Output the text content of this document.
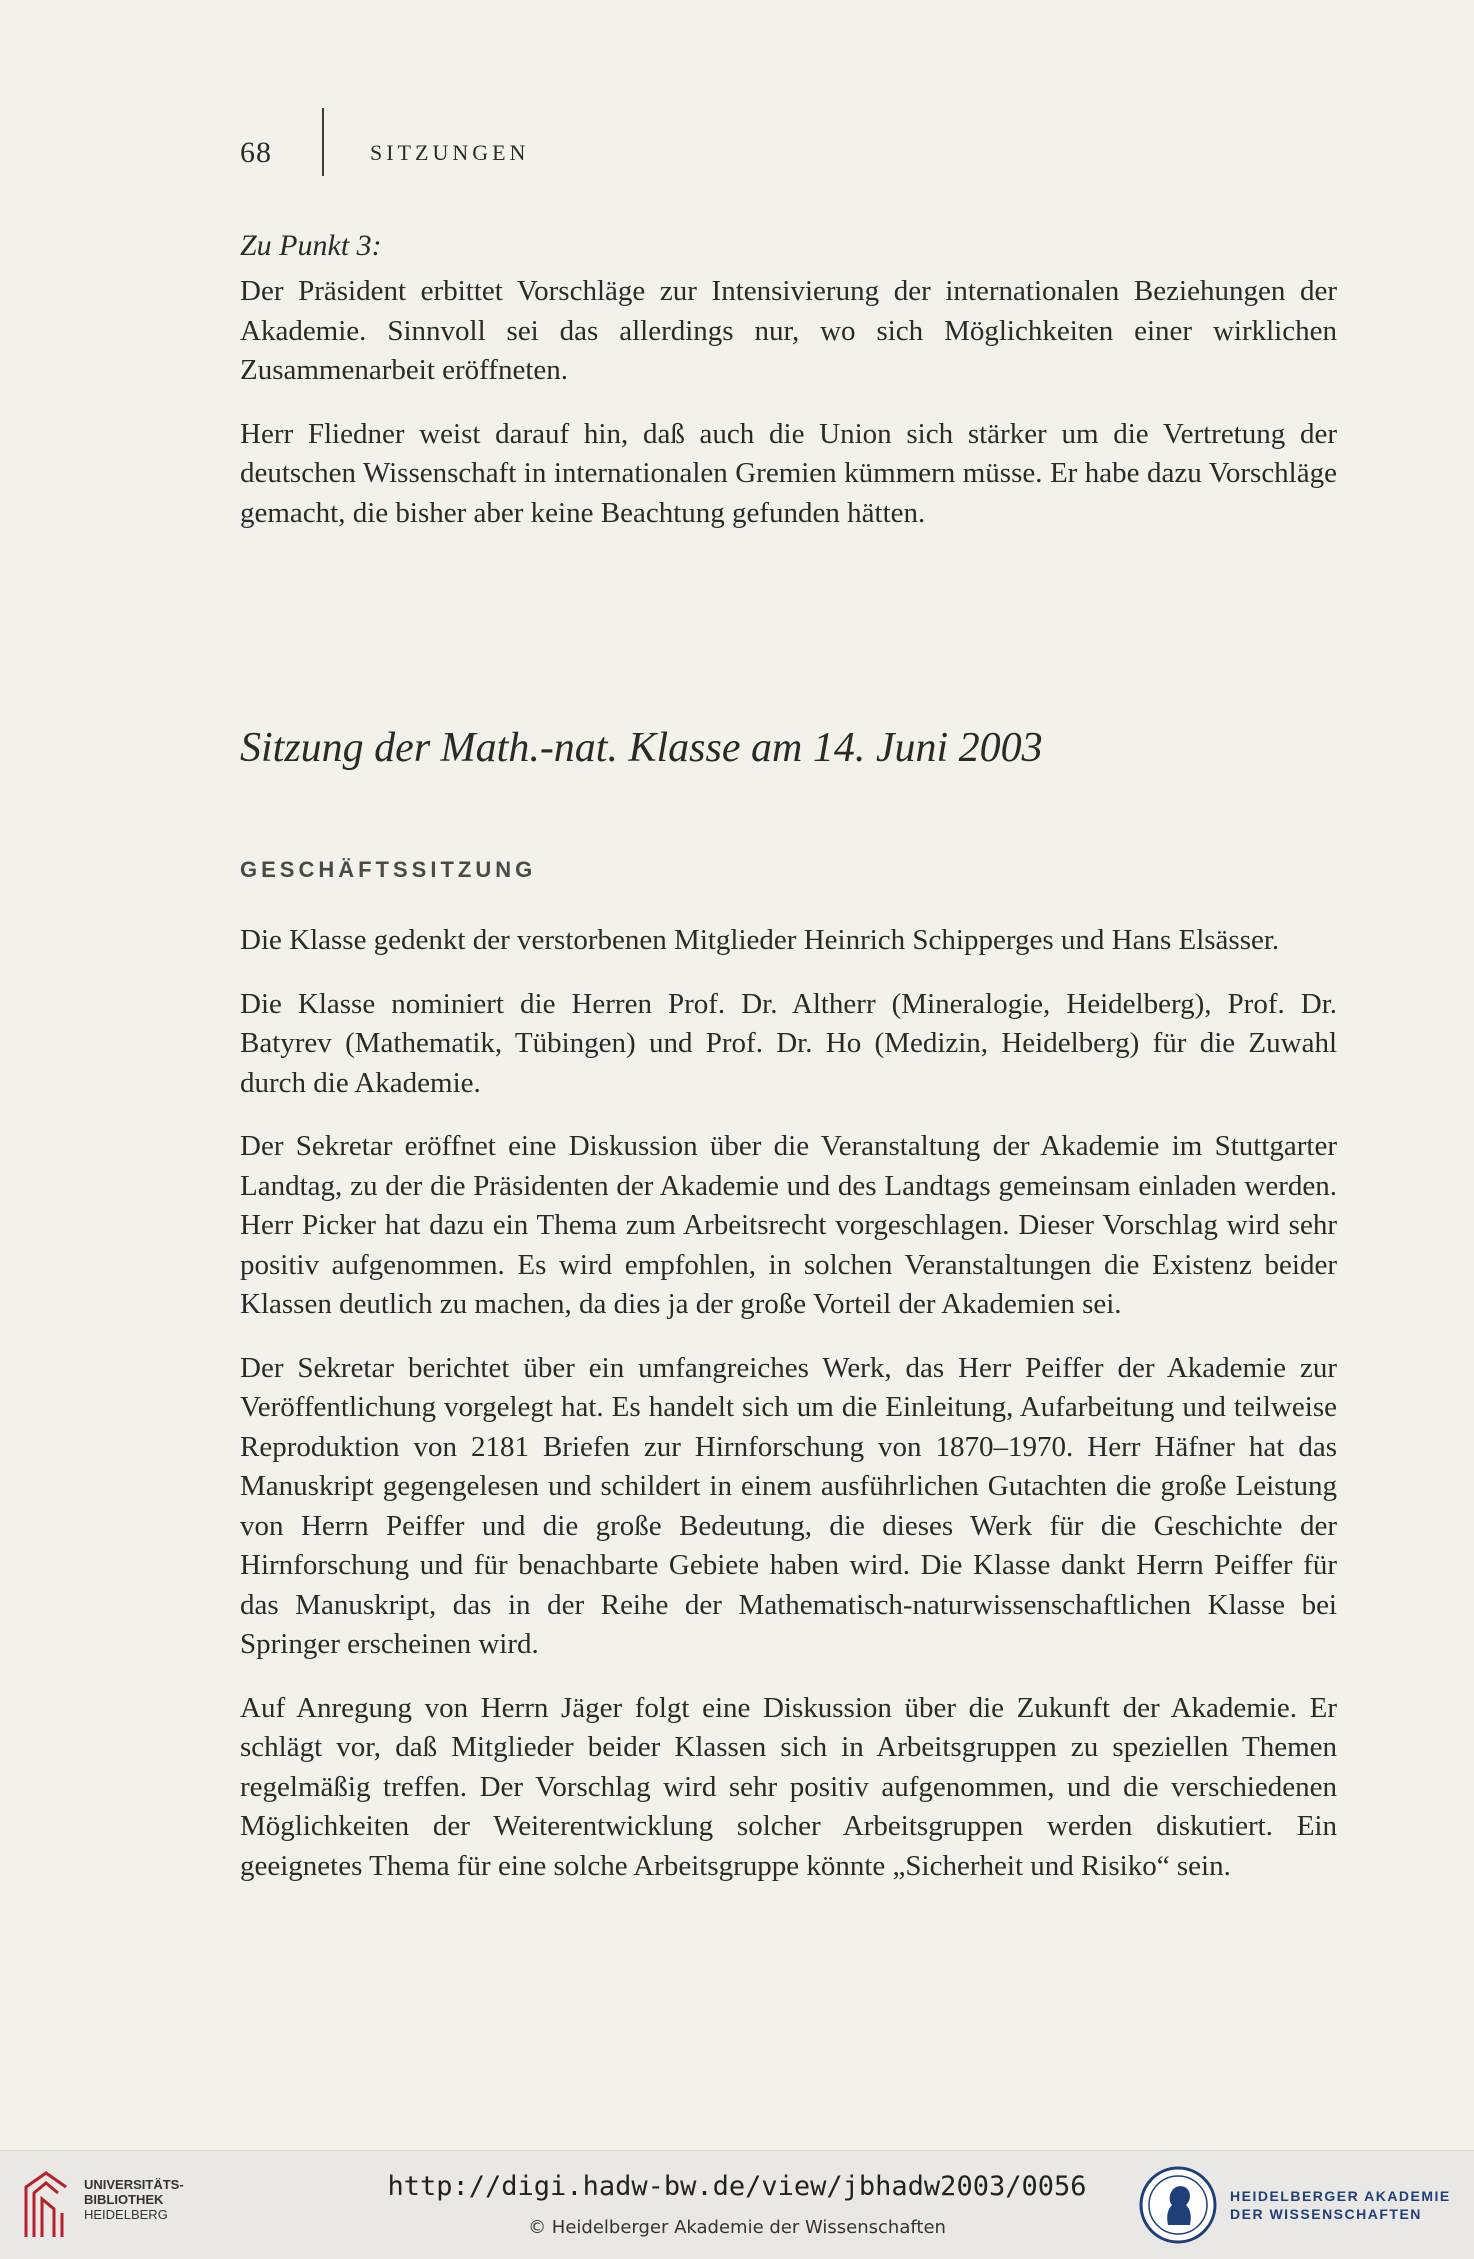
68	SITZUNGEN
Zu Punkt 3:

Der Präsident erbittet Vorschläge zur Intensivierung der internationalen Beziehungen der Akademie. Sinnvoll sei das allerdings nur, wo sich Möglichkeiten einer wirklichen Zusammenarbeit eröffneten.

Herr Fliedner weist darauf hin, daß auch die Union sich stärker um die Vertretung der deutschen Wissenschaft in internationalen Gremien kümmern müsse. Er habe dazu Vorschläge gemacht, die bisher aber keine Beachtung gefunden hätten.

Sitzung der Math.-nat. Klasse am 14. Juni 2003
GESCHÄFTSSITZUNG

Die Klasse gedenkt der verstorbenen Mitglieder Heinrich Schipperges und Hans Elsässer.

Die Klasse nominiert die Herren Prof. Dr. Altherr (Mineralogie, Heidelberg), Prof. Dr. Batyrev (Mathematik, Tübingen) und Prof. Dr. Ho (Medizin, Heidelberg) für die Zuwahl durch die Akademie.

Der Sekretar eröffnet eine Diskussion über die Veranstaltung der Akademie im Stuttgarter Landtag, zu der die Präsidenten der Akademie und des Landtags gemeinsam einladen werden. Herr Picker hat dazu ein Thema zum Arbeitsrecht vorgeschlagen. Dieser Vorschlag wird sehr positiv aufgenommen. Es wird empfohlen, in solchen Veranstaltungen die Existenz beider Klassen deutlich zu machen, da dies ja der große Vorteil der Akademien sei.

Der Sekretar berichtet über ein umfangreiches Werk, das Herr Peiffer der Akademie zur Veröffentlichung vorgelegt hat. Es handelt sich um die Einleitung, Aufarbeitung und teilweise Reproduktion von 2181 Briefen zur Hirnforschung von 1870–1970. Herr Häfner hat das Manuskript gegengelesen und schildert in einem ausführlichen Gutachten die große Leistung von Herrn Peiffer und die große Bedeutung, die dieses Werk für die Geschichte der Hirnforschung und für benachbarte Gebiete haben wird. Die Klasse dankt Herrn Peiffer für das Manuskript, das in der Reihe der Mathematisch-naturwissenschaftlichen Klasse bei Springer erscheinen wird.

Auf Anregung von Herrn Jäger folgt eine Diskussion über die Zukunft der Akademie. Er schlägt vor, daß Mitglieder beider Klassen sich in Arbeitsgruppen zu speziellen Themen regelmäßig treffen. Der Vorschlag wird sehr positiv aufgenommen, und die verschiedenen Möglichkeiten der Weiterentwicklung solcher Arbeitsgruppen werden diskutiert. Ein geeignetes Thema für eine solche Arbeitsgruppe könnte „Sicherheit und Risiko“ sein.

UNIVERSITÄTS-
BIBLIOTHEK
HEIDELBERG
http://digi.hadw-bw.de/view/jbhadw2003/0056
© Heidelberger Akademie der Wissenschaften
HEIDELBERGER AKADEMIE
DER WISSENSCHAFTEN
